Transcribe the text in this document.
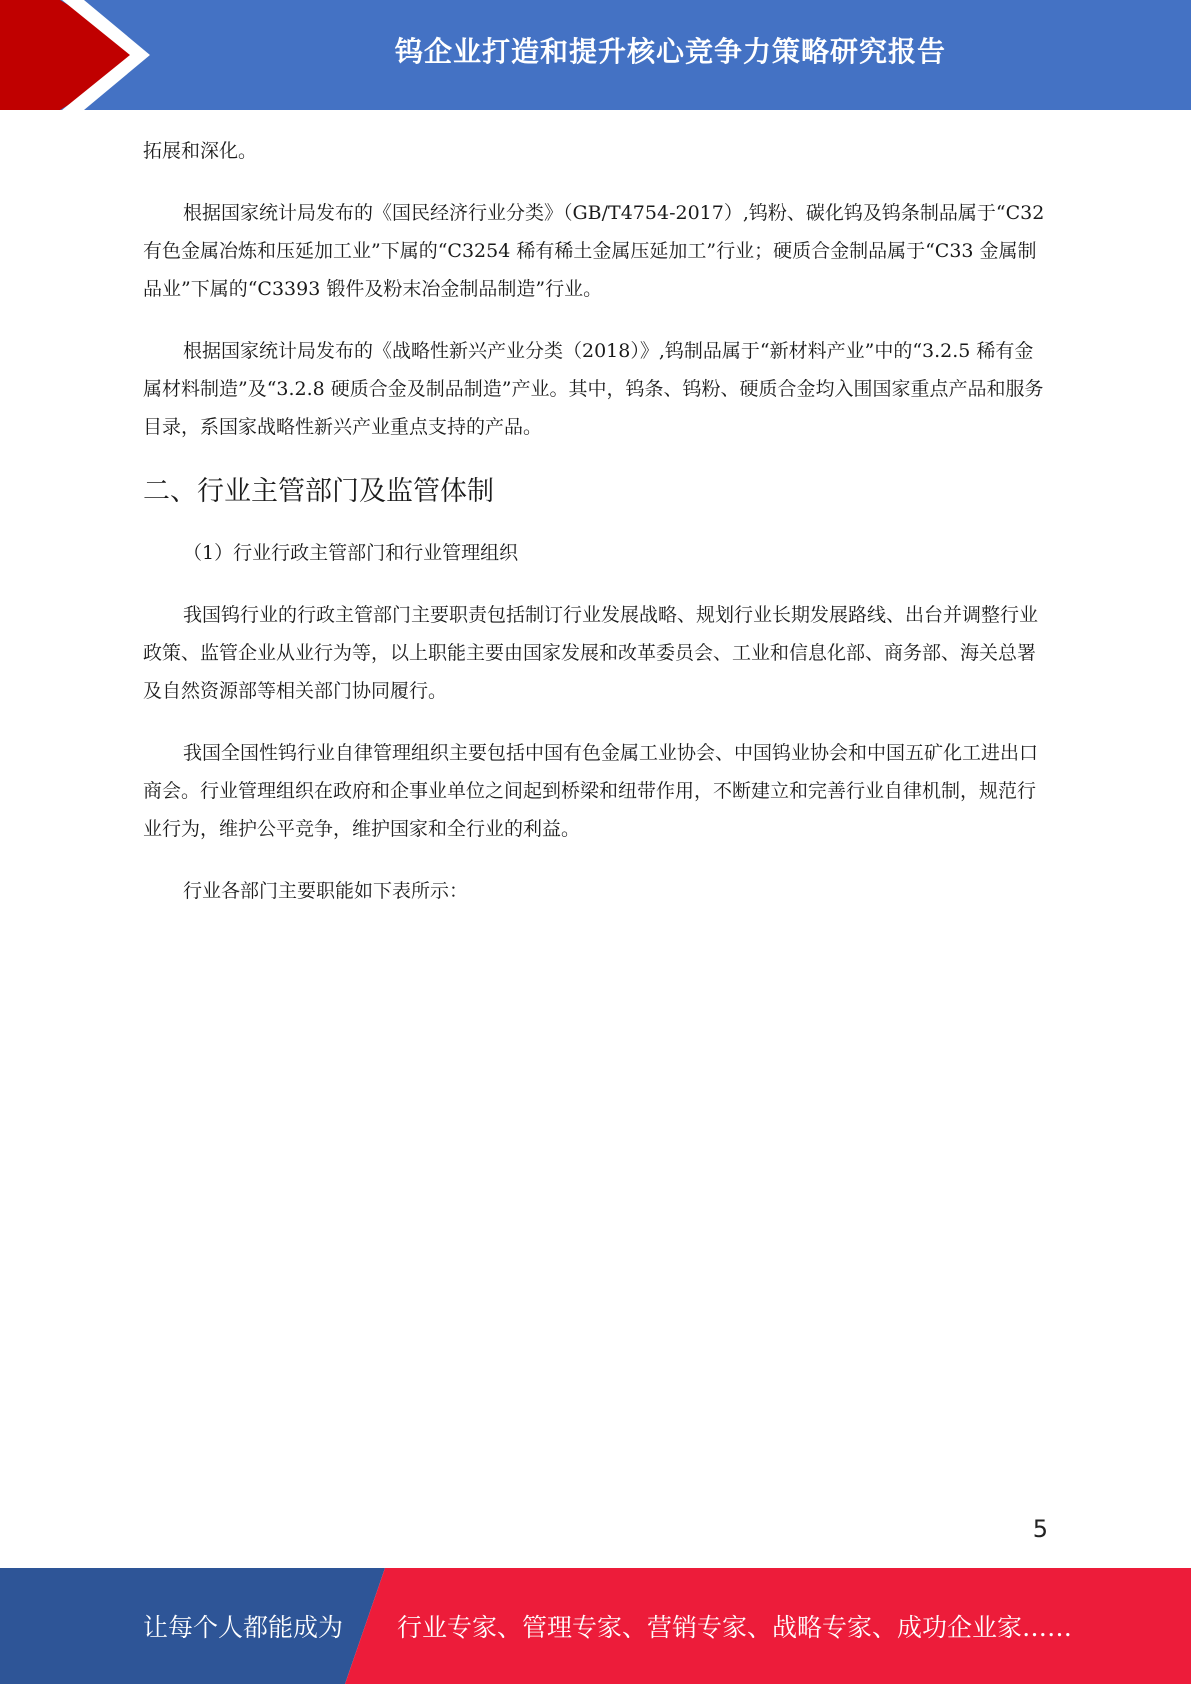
钨企业打造和提升核心竞争力策略研究报告

拓展和深化。

根据国家统计局发布的《国民经济行业分类》（GB/T4754-2017）,钨粉、碳化钨及钨条制品属于“C32 有色金属冶炼和压延加工业”下属的“C3254 稀有稀土金属压延加工”行业；硬质合金制品属于“C33 金属制品业”下属的“C3393 锻件及粉末冶金制品制造”行业。

根据国家统计局发布的《战略性新兴产业分类（2018）》,钨制品属于“新材料产业”中的“3.2.5 稀有金属材料制造”及“3.2.8 硬质合金及制品制造”产业。其中，钨条、钨粉、硬质合金均入围国家重点产品和服务目录，系国家战略性新兴产业重点支持的产品。

二、行业主管部门及监管体制

（1）行业行政主管部门和行业管理组织

我国钨行业的行政主管部门主要职责包括制订行业发展战略、规划行业长期发展路线、出台并调整行业政策、监管企业从业行为等，以上职能主要由国家发展和改革委员会、工业和信息化部、商务部、海关总署及自然资源部等相关部门协同履行。

我国全国性钨行业自律管理组织主要包括中国有色金属工业协会、中国钨业协会和中国五矿化工进出口商会。行业管理组织在政府和企事业单位之间起到桥梁和纽带作用，不断建立和完善行业自律机制，规范行业行为，维护公平竞争，维护国家和全行业的利益。

行业各部门主要职能如下表所示：

5
让每个人都能成为 行业专家、管理专家、营销专家、战略专家、成功企业家……
